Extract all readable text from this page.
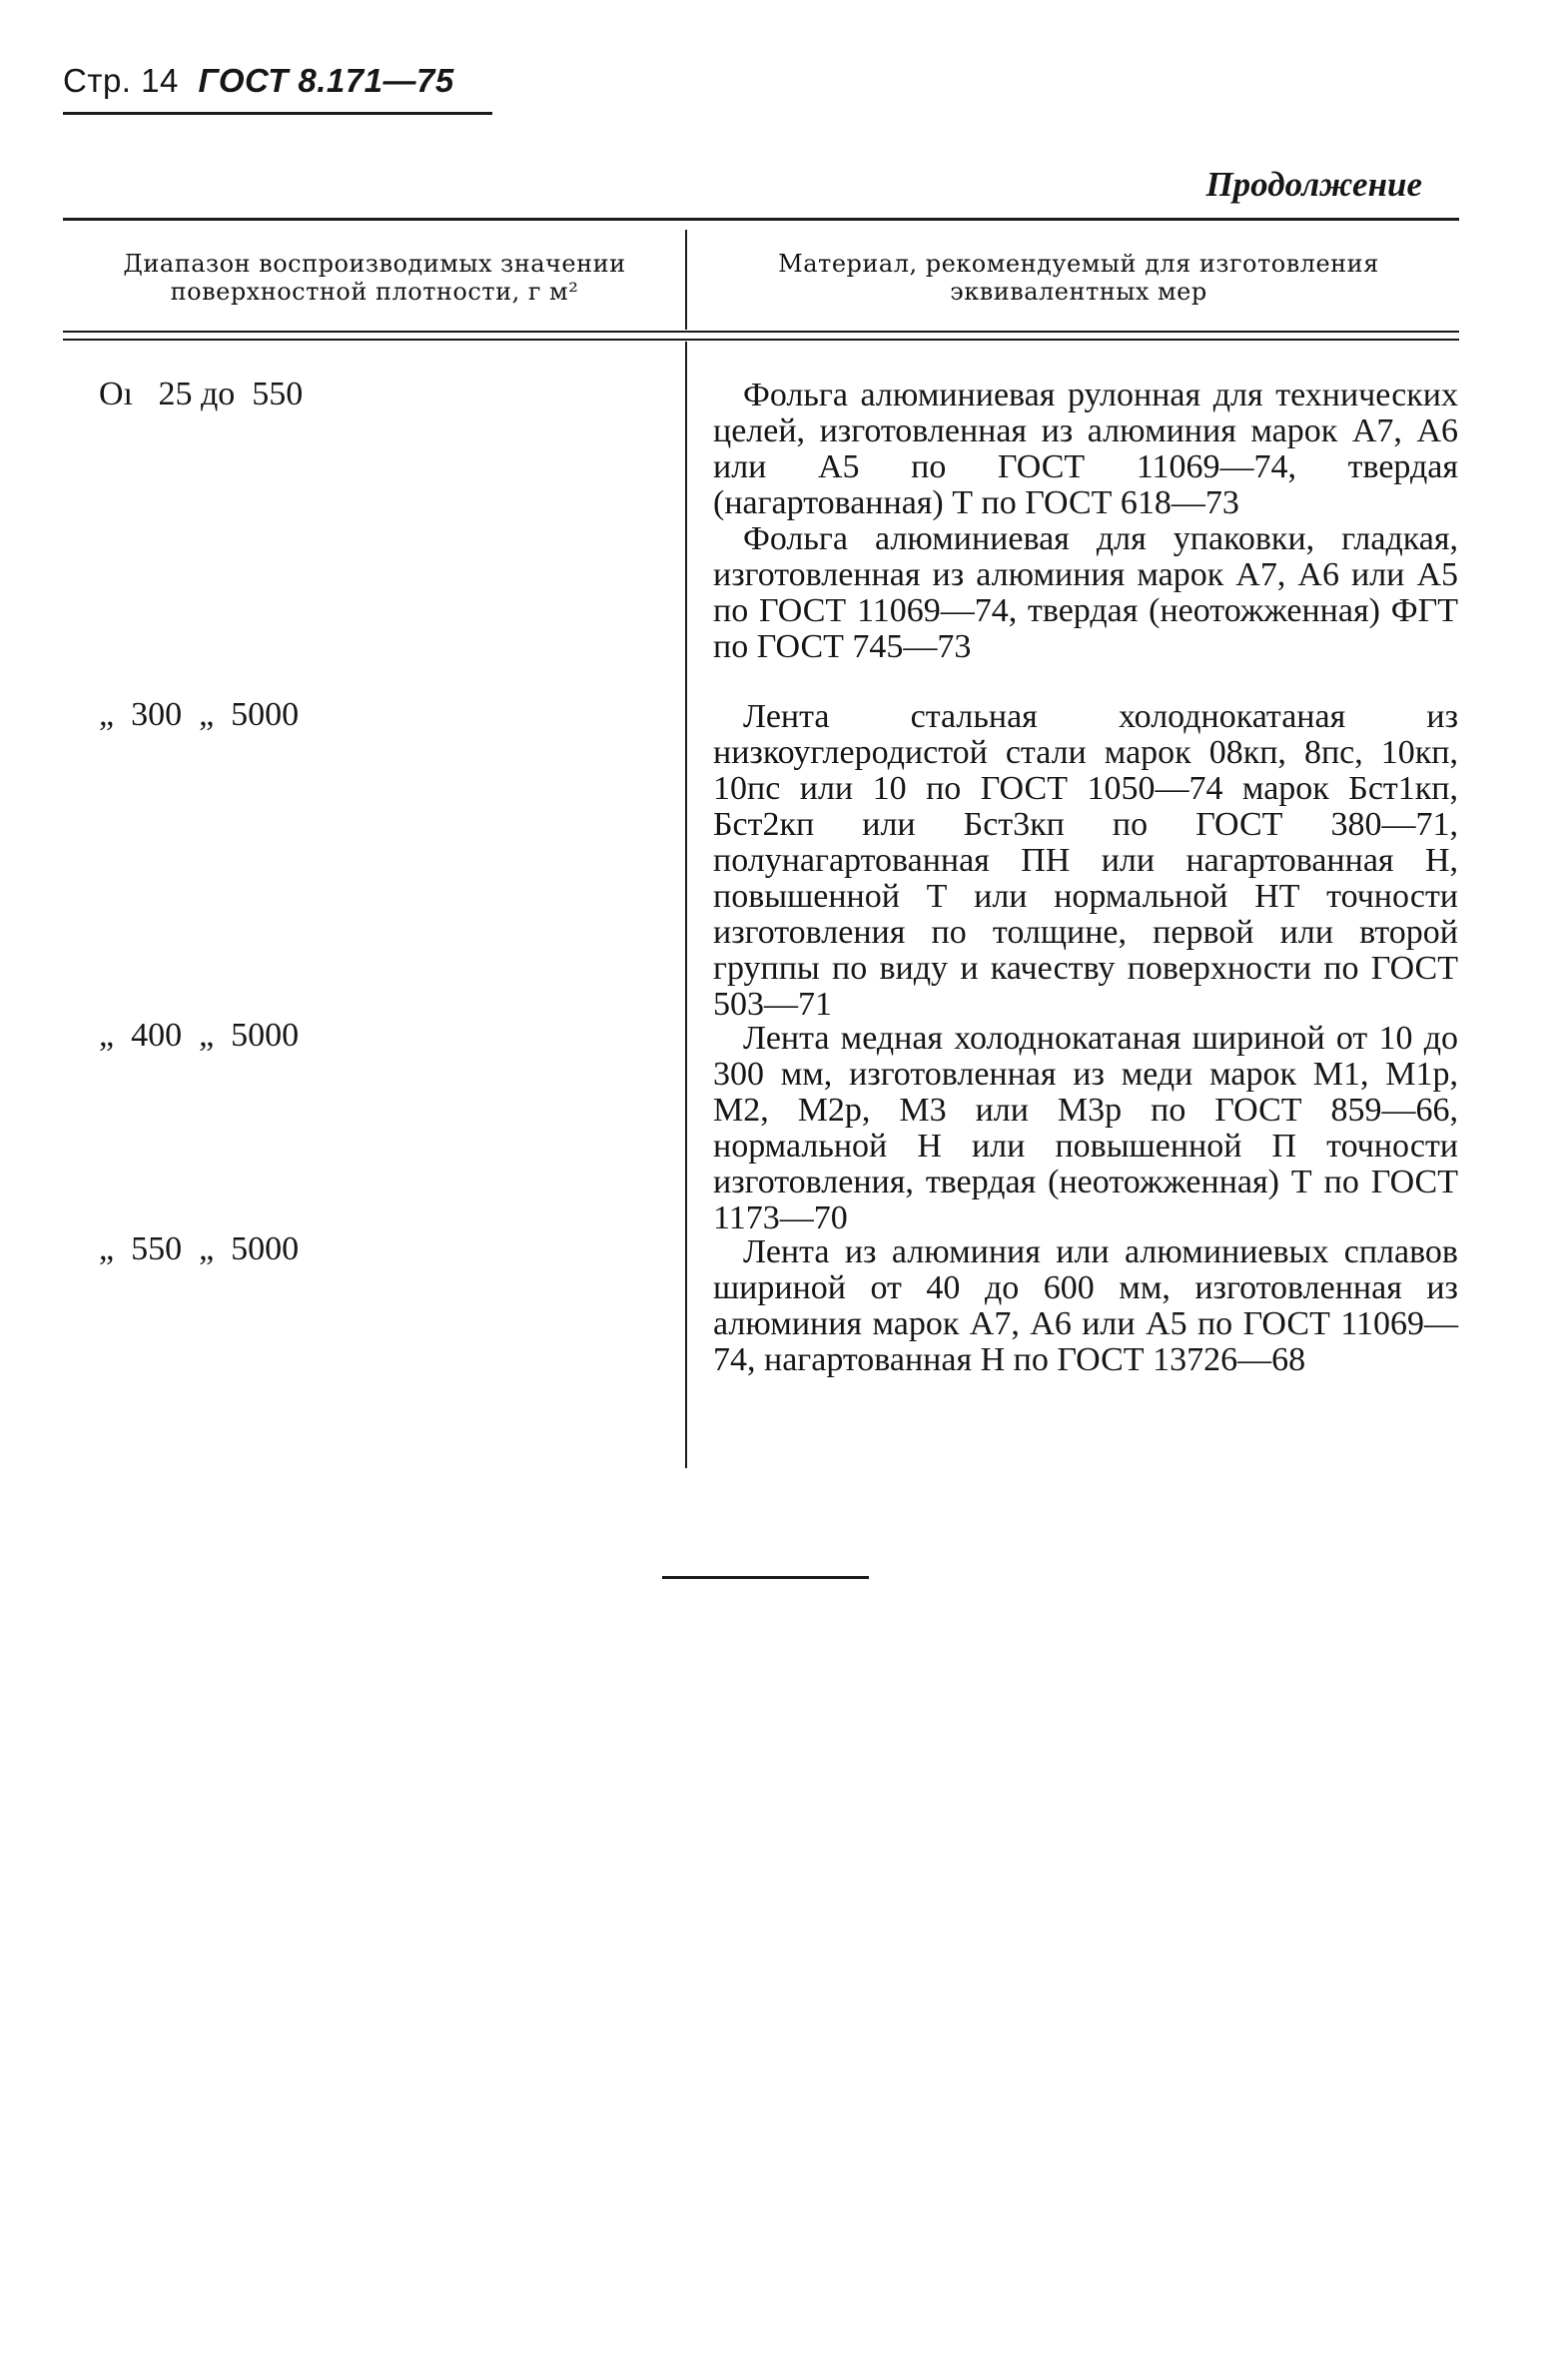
Стр. 14 ГОСТ 8.171—75
Продолжение
Диапазон воспроизводимых значении поверхностной плотности, г м²
Материал, рекомендуемый для изготовления эквивалентных мер
Oı   25 до  550	Фольга алюминиевая рулонная для технических целей, изготовленная из алюминия марок А7, А6 или А5 по ГОСТ 11069—74, твердая (нагартованная) Т по ГОСТ 618—73

Фольга алюминиевая для упаковки, гладкая, изготовленная из алюминия марок А7, А6 или А5 по ГОСТ 11069—74, твердая (неотожженная) ФГТ по ГОСТ 745—73

„  300  „  5000	Лента стальная холоднокатаная из низкоуглеродистой стали марок 08кп, 8пс, 10кп, 10пс или 10 по ГОСТ 1050—74 марок Бст1кп, Бст2кп или Бст3кп по ГОСТ 380—71, полунагартованная ПН или нагартованная Н, повышенной Т или нормальной НТ точности изготовления по толщине, первой или второй группы по виду и качеству поверхности по ГОСТ 503—71

„  400  „  5000	Лента медная холоднокатаная шириной от 10 до 300 мм, изготовленная из меди марок М1, М1р, М2, М2р, М3 или М3р по ГОСТ 859—66, нормальной Н или повышенной П точности изготовления, твердая (неотожженная) Т по ГОСТ 1173—70

„  550  „  5000	Лента из алюминия или алюминиевых сплавов шириной от 40 до 600 мм, изготовленная из алюминия марок А7, А6 или А5 по ГОСТ 11069—74, нагартованная Н по ГОСТ 13726—68
